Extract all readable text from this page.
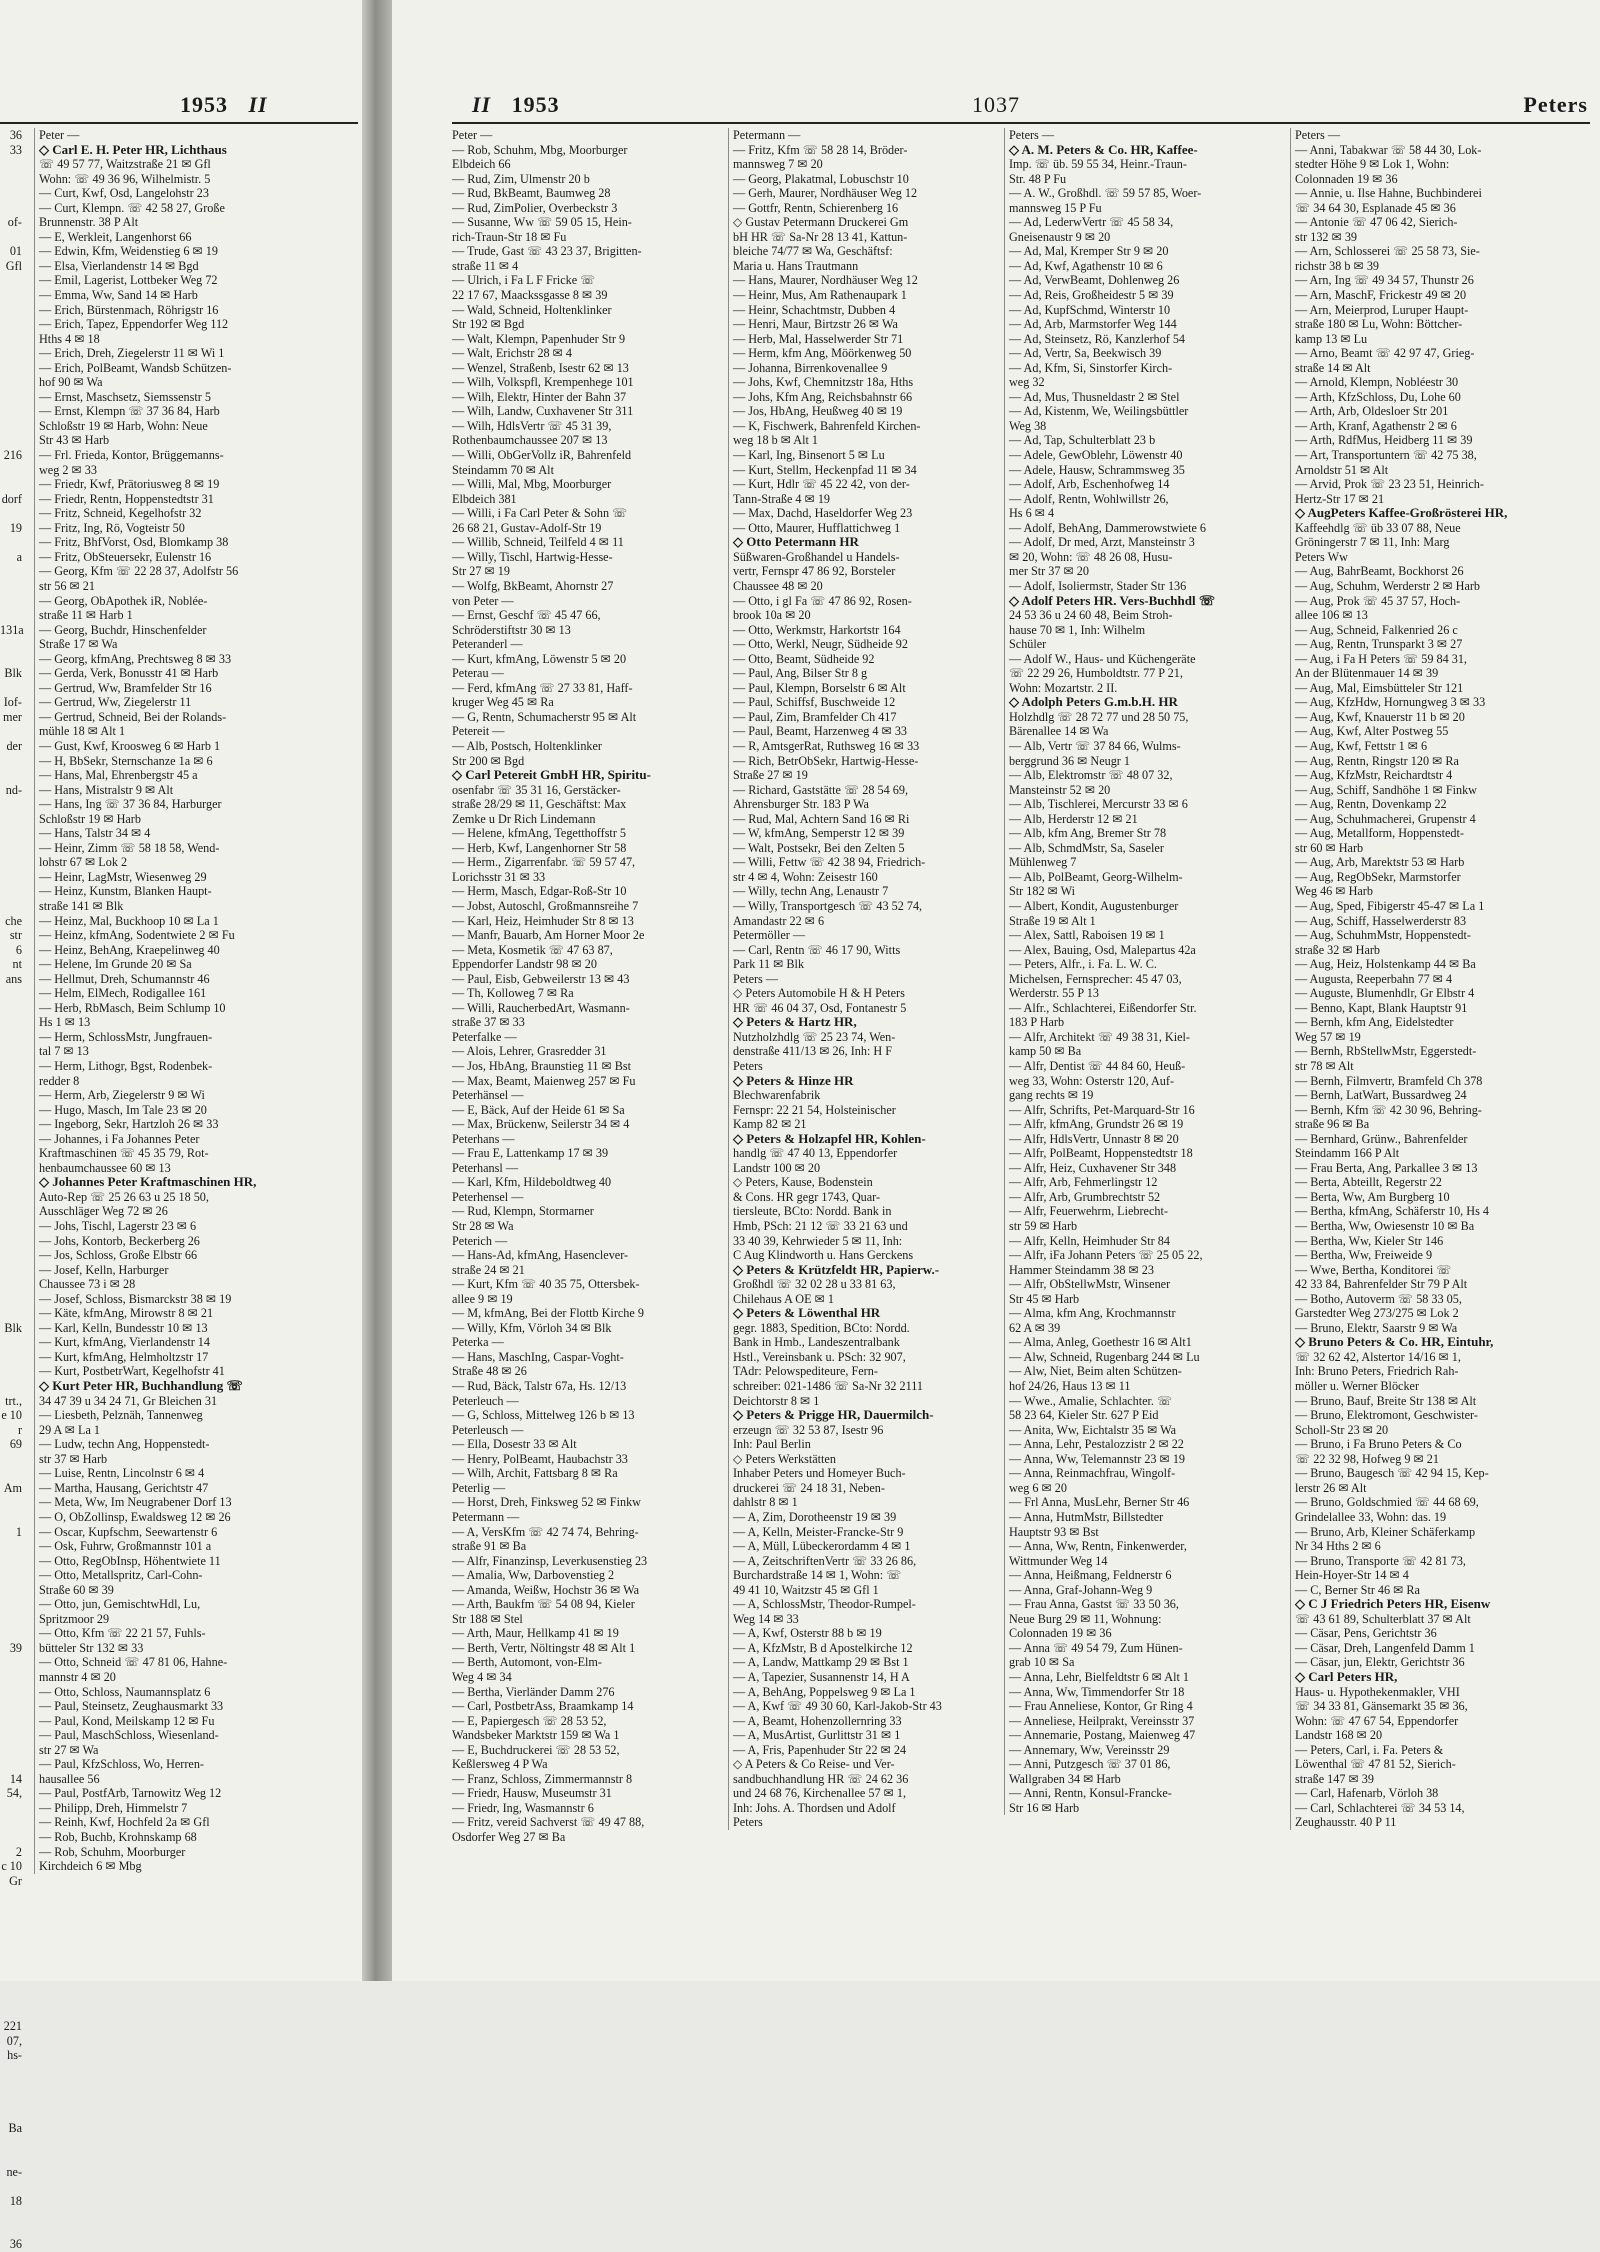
1953 II
36
33

of-

01
Gfl

216

dorf

19

a

131a

Blk

Iof-
mer

der

nd-

che
str
6
nt
ans

Blk

trt.,
e 10
r
69

Am

1

39

14
54,

2
c 10
Gr

221
07,
hs-

Ba

ne-

18

36
Peter —
◇ Carl E. H. Peter HR, Lichthaus
☏ 49 57 77, Waitzstraße 21 ✉ Gfl
Wohn: ☏ 49 36 96, Wilhelmistr. 5
— Curt, Kwf, Osd, Langelohstr 23
— Curt, Klempn. ☏ 42 58 27, Große
Brunnenstr. 38 P Alt
— E, Werkleit, Langenhorst 66
— Edwin, Kfm, Weidenstieg 6 ✉ 19
— Elsa, Vierlandenstr 14 ✉ Bgd
— Emil, Lagerist, Lottbeker Weg 72
— Emma, Ww, Sand 14 ✉ Harb
— Erich, Bürstenmach, Röhrigstr 16
— Erich, Tapez, Eppendorfer Weg 112
Hths 4 ✉ 18
— Erich, Dreh, Ziegelerstr 11 ✉ Wi 1
— Erich, PolBeamt, Wandsb Schützen-
hof 90 ✉ Wa
— Ernst, Maschsetz, Siemssenstr 5
— Ernst, Klempn ☏ 37 36 84, Harb
Schloßstr 19 ✉ Harb, Wohn: Neue
Str 43 ✉ Harb
— Frl. Frieda, Kontor, Brüggemanns-
weg 2 ✉ 33
— Friedr, Kwf, Prätoriusweg 8 ✉ 19
— Friedr, Rentn, Hoppenstedtstr 31
— Fritz, Schneid, Kegelhofstr 32
— Fritz, Ing, Rö, Vogteistr 50
— Fritz, BhfVorst, Osd, Blomkamp 38
— Fritz, ObSteuersekr, Eulenstr 16
— Georg, Kfm ☏ 22 28 37, Adolfstr 56
str 56 ✉ 21
— Georg, ObApothek iR, Noblée-
straße 11 ✉ Harb 1
— Georg, Buchdr, Hinschenfelder
Straße 17 ✉ Wa
— Georg, kfmAng, Prechtsweg 8 ✉ 33
— Gerda, Verk, Bonusstr 41 ✉ Harb
— Gertrud, Ww, Bramfelder Str 16
— Gertrud, Ww, Ziegelerstr 11
— Gertrud, Schneid, Bei der Rolands-
mühle 18 ✉ Alt 1
— Gust, Kwf, Kroosweg 6 ✉ Harb 1
— H, BbSekr, Sternschanze 1a ✉ 6
— Hans, Mal, Ehrenbergstr 45 a
— Hans, Mistralstr 9 ✉ Alt
— Hans, Ing ☏ 37 36 84, Harburger
Schloßstr 19 ✉ Harb
— Hans, Talstr 34 ✉ 4
— Heinr, Zimm ☏ 58 18 58, Wend-
lohstr 67 ✉ Lok 2
— Heinr, LagMstr, Wiesenweg 29
— Heinz, Kunstm, Blanken Haupt-
straße 141 ✉ Blk
— Heinz, Mal, Buckhoop 10 ✉ La 1
— Heinz, kfmAng, Sodentwiete 2 ✉ Fu
— Heinz, BehAng, Kraepelinweg 40
— Helene, Im Grunde 20 ✉ Sa
— Hellmut, Dreh, Schumannstr 46
— Helm, ElMech, Rodigallee 161
— Herb, RbMasch, Beim Schlump 10
Hs 1 ✉ 13
— Herm, SchlossMstr, Jungfrauen-
tal 7 ✉ 13
— Herm, Lithogr, Bgst, Rodenbek-
redder 8
— Herm, Arb, Ziegelerstr 9 ✉ Wi
— Hugo, Masch, Im Tale 23 ✉ 20
— Ingeborg, Sekr, Hartzloh 26 ✉ 33
— Johannes, i Fa Johannes Peter
Kraftmaschinen ☏ 45 35 79, Rot-
henbaumchaussee 60 ✉ 13
◇ Johannes Peter Kraftmaschinen HR,
Auto-Rep ☏ 25 26 63 u 25 18 50,
Ausschläger Weg 72 ✉ 26
— Johs, Tischl, Lagerstr 23 ✉ 6
— Johs, Kontorb, Beckerberg 26
— Jos, Schloss, Große Elbstr 66
— Josef, Kelln, Harburger
Chaussee 73 i ✉ 28
— Josef, Schloss, Bismarckstr 38 ✉ 19
— Käte, kfmAng, Mirowstr 8 ✉ 21
— Karl, Kelln, Bundesstr 10 ✉ 13
— Kurt, kfmAng, Vierlandenstr 14
— Kurt, kfmAng, Helmholtzstr 17
— Kurt, PostbetrWart, Kegelhofstr 41
◇ Kurt Peter HR, Buchhandlung ☏
34 47 39 u 34 24 71, Gr Bleichen 31
— Liesbeth, Pelznäh, Tannenweg
29 A ✉ La 1
— Ludw, techn Ang, Hoppenstedt-
str 37 ✉ Harb
— Luise, Rentn, Lincolnstr 6 ✉ 4
— Martha, Hausang, Gerichtstr 47
— Meta, Ww, Im Neugrabener Dorf 13
— O, ObZollinsp, Ewaldsweg 12 ✉ 26
— Oscar, Kupfschm, Seewartenstr 6
— Osk, Fuhrw, Großmannstr 101 a
— Otto, RegObInsp, Höhentwiete 11
— Otto, Metallspritz, Carl-Cohn-
Straße 60 ✉ 39
— Otto, jun, GemischtwHdl, Lu,
Spritzmoor 29
— Otto, Kfm ☏ 22 21 57, Fuhls-
bütteler Str 132 ✉ 33
— Otto, Schneid ☏ 47 81 06, Hahne-
mannstr 4 ✉ 20
— Otto, Schloss, Naumannsplatz 6
— Paul, Steinsetz, Zeughausmarkt 33
— Paul, Kond, Meilskamp 12 ✉ Fu
— Paul, MaschSchloss, Wiesenland-
str 27 ✉ Wa
— Paul, KfzSchloss, Wo, Herren-
hausallee 56
— Paul, PostfArb, Tarnowitz Weg 12
— Philipp, Dreh, Himmelstr 7
— Reinh, Kwf, Hochfeld 2a ✉ Gfl
— Rob, Buchb, Krohnskamp 68
— Rob, Schuhm, Moorburger
Kirchdeich 6 ✉ Mbg
II 1953	1037	Peters
Peter —
— Rob, Schuhm, Mbg, Moorburger
Elbdeich 66
— Rud, Zim, Ulmenstr 20 b
— Rud, BkBeamt, Baumweg 28
— Rud, ZimPolier, Overbeckstr 3
— Susanne, Ww ☏ 59 05 15, Hein-
rich-Traun-Str 18 ✉ Fu
— Trude, Gast ☏ 43 23 37, Brigitten-
straße 11 ✉ 4
— Ulrich, i Fa L F Fricke ☏
22 17 67, Maackssgasse 8 ✉ 39
— Wald, Schneid, Holtenklinker
Str 192 ✉ Bgd
— Walt, Klempn, Papenhuder Str 9
— Walt, Erichstr 28 ✉ 4
— Wenzel, Straßenb, Isestr 62 ✉ 13
— Wilh, Volkspfl, Krempenhege 101
— Wilh, Elektr, Hinter der Bahn 37
— Wilh, Landw, Cuxhavener Str 311
— Wilh, HdlsVertr ☏ 45 31 39,
Rothenbaumchaussee 207 ✉ 13
— Willi, ObGerVollz iR, Bahrenfeld
Steindamm 70 ✉ Alt
— Willi, Mal, Mbg, Moorburger
Elbdeich 381
— Willi, i Fa Carl Peter & Sohn ☏
26 68 21, Gustav-Adolf-Str 19
— Willib, Schneid, Teilfeld 4 ✉ 11
— Willy, Tischl, Hartwig-Hesse-
Str 27 ✉ 19
— Wolfg, BkBeamt, Ahornstr 27
von Peter —
— Ernst, Geschf ☏ 45 47 66,
Schröderstiftstr 30 ✉ 13
Peteranderl —
— Kurt, kfmAng, Löwenstr 5 ✉ 20
Peterau —
— Ferd, kfmAng ☏ 27 33 81, Haff-
kruger Weg 45 ✉ Ra
— G, Rentn, Schumacherstr 95 ✉ Alt
Petereit —
— Alb, Postsch, Holtenklinker
Str 200 ✉ Bgd
◇ Carl Petereit GmbH HR, Spiritu-
osenfabr ☏ 35 31 16, Gerstäcker-
straße 28/29 ✉ 11, Geschäftst: Max
Zemke u Dr Rich Lindemann
— Helene, kfmAng, Tegetthoffstr 5
— Herb, Kwf, Langenhorner Str 58
— Herm., Zigarrenfabr. ☏ 59 57 47,
Lorichsstr 31 ✉ 33
— Herm, Masch, Edgar-Roß-Str 10
— Jobst, Autoschl, Großmannsreihe 7
— Karl, Heiz, Heimhuder Str 8 ✉ 13
— Manfr, Bauarb, Am Horner Moor 2e
— Meta, Kosmetik ☏ 47 63 87,
Eppendorfer Landstr 98 ✉ 20
— Paul, Eisb, Gebweilerstr 13 ✉ 43
— Th, Kolloweg 7 ✉ Ra
— Willi, RaucherbedArt, Wasmann-
straße 37 ✉ 33
Peterfalke —
— Alois, Lehrer, Grasredder 31
— Jos, HbAng, Braunstieg 11 ✉ Bst
— Max, Beamt, Maienweg 257 ✉ Fu
Peterhänsel —
— E, Bäck, Auf der Heide 61 ✉ Sa
— Max, Brückenw, Seilerstr 34 ✉ 4
Peterhans —
— Frau E, Lattenkamp 17 ✉ 39
Peterhansl —
— Karl, Kfm, Hildeboldtweg 40
Peterhensel —
— Rud, Klempn, Stormarner
Str 28 ✉ Wa
Peterich —
— Hans-Ad, kfmAng, Hasenclever-
straße 24 ✉ 21
— Kurt, Kfm ☏ 40 35 75, Ottersbek-
allee 9 ✉ 19
— M, kfmAng, Bei der Flottb Kirche 9
— Willy, Kfm, Vörloh 34 ✉ Blk
Peterka —
— Hans, MaschIng, Caspar-Voght-
Straße 48 ✉ 26
— Rud, Bäck, Talstr 67a, Hs. 12/13
Peterleuch —
— G, Schloss, Mittelweg 126 b ✉ 13
Peterleusch —
— Ella, Dosestr 33 ✉ Alt
— Henry, PolBeamt, Haubachstr 33
— Wilh, Archit, Fattsbarg 8 ✉ Ra
Peterlig —
— Horst, Dreh, Finksweg 52 ✉ Finkw
Petermann —
— A, VersKfm ☏ 42 74 74, Behring-
straße 91 ✉ Ba
— Alfr, Finanzinsp, Leverkusenstieg 23
— Amalia, Ww, Darbovenstieg 2
— Amanda, Weißw, Hochstr 36 ✉ Wa
— Arth, Baukfm ☏ 54 08 94, Kieler
Str 188 ✉ Stel
— Arth, Maur, Hellkamp 41 ✉ 19
— Berth, Vertr, Nöltingstr 48 ✉ Alt 1
— Berth, Automont, von-Elm-
Weg 4 ✉ 34
— Bertha, Vierländer Damm 276
— Carl, PostbetrAss, Braamkamp 14
— E, Papiergesch ☏ 28 53 52,
Wandsbeker Marktstr 159 ✉ Wa 1
— E, Buchdruckerei ☏ 28 53 52,
Keßlersweg 4 P Wa
— Franz, Schloss, Zimmermannstr 8
— Friedr, Hausw, Museumstr 31
— Friedr, Ing, Wasmannstr 6
— Fritz, vereid Sachverst ☏ 49 47 88,
Osdorfer Weg 27 ✉ Ba
Petermann —
— Fritz, Kfm ☏ 58 28 14, Bröder-
mannsweg 7 ✉ 20
— Georg, Plakatmal, Lobuschstr 10
— Gerh, Maurer, Nordhäuser Weg 12
— Gottfr, Rentn, Schierenberg 16
◇ Gustav Petermann Druckerei Gm
bH HR ☏ Sa-Nr 28 13 41, Kattun-
bleiche 74/77 ✉ Wa, Geschäftsf:
Maria u. Hans Trautmann
— Hans, Maurer, Nordhäuser Weg 12
— Heinr, Mus, Am Rathenaupark 1
— Heinr, Schachtmstr, Dubben 4
— Henri, Maur, Birtzstr 26 ✉ Wa
— Herb, Mal, Hasselwerder Str 71
— Herm, kfm Ang, Möörkenweg 50
— Johanna, Birrenkovenallee 9
— Johs, Kwf, Chemnitzstr 18a, Hths
— Johs, Kfm Ang, Reichsbahnstr 66
— Jos, HbAng, Heußweg 40 ✉ 19
— K, Fischwerk, Bahrenfeld Kirchen-
weg 18 b ✉ Alt 1
— Karl, Ing, Binsenort 5 ✉ Lu
— Kurt, Stellm, Heckenpfad 11 ✉ 34
— Kurt, Hdlr ☏ 45 22 42, von der-
Tann-Straße 4 ✉ 19
— Max, Dachd, Haseldorfer Weg 23
— Otto, Maurer, Hufflattichweg 1
◇ Otto Petermann HR
Süßwaren-Großhandel u Handels-
vertr, Fernspr 47 86 92, Borsteler
Chaussee 48 ✉ 20
— Otto, i gl Fa ☏ 47 86 92, Rosen-
brook 10a ✉ 20
— Otto, Werkmstr, Harkortstr 164
— Otto, Werkl, Neugr, Südheide 92
— Otto, Beamt, Südheide 92
— Paul, Ang, Bilser Str 8 g
— Paul, Klempn, Borselstr 6 ✉ Alt
— Paul, Schiffsf, Buschweide 12
— Paul, Zim, Bramfelder Ch 417
— Paul, Beamt, Harzenweg 4 ✉ 33
— R, AmtsgerRat, Ruthsweg 16 ✉ 33
— Rich, BetrObSekr, Hartwig-Hesse-
Straße 27 ✉ 19
— Richard, Gaststätte ☏ 28 54 69,
Ahrensburger Str. 183 P Wa
— Rud, Mal, Achtern Sand 16 ✉ Ri
— W, kfmAng, Semperstr 12 ✉ 39
— Walt, Postsekr, Bei den Zelten 5
— Willi, Fettw ☏ 42 38 94, Friedrich-
str 4 ✉ 4, Wohn: Zeisestr 160
— Willy, techn Ang, Lenaustr 7
— Willy, Transportgesch ☏ 43 52 74,
Amandastr 22 ✉ 6
Petermöller —
— Carl, Rentn ☏ 46 17 90, Witts
Park 11 ✉ Blk
Peters —
◇ Peters Automobile H & H Peters
HR ☏ 46 04 37, Osd, Fontanestr 5
◇ Peters & Hartz HR,
Nutzholzhdlg ☏ 25 23 74, Wen-
denstraße 411/13 ✉ 26, Inh: H F
Peters
◇ Peters & Hinze HR
Blechwarenfabrik
Fernspr: 22 21 54, Holsteinischer
Kamp 82 ✉ 21
◇ Peters & Holzapfel HR, Kohlen-
handlg ☏ 47 40 13, Eppendorfer
Landstr 100 ✉ 20
◇ Peters, Kause, Bodenstein
& Cons. HR gegr 1743, Quar-
tiersleute, BCto: Nordd. Bank in
Hmb, PSch: 21 12 ☏ 33 21 63 und
33 40 39, Kehrwieder 5 ✉ 11, Inh:
C Aug Klindworth u. Hans Gerckens
◇ Peters & Krützfeldt HR, Papierw.-
Großhdl ☏ 32 02 28 u 33 81 63,
Chilehaus A OE ✉ 1
◇ Peters & Löwenthal HR
gegr. 1883, Spedition, BCto: Nordd.
Bank in Hmb., Landeszentralbank
Hstl., Vereinsbank u. PSch: 32 907,
TAdr: Pelowspediteure, Fern-
schreiber: 021-1486 ☏ Sa-Nr 32 2111
Deichtorstr 8 ✉ 1
◇ Peters & Prigge HR, Dauermilch-
erzeugn ☏ 32 53 87, Isestr 96
Inh: Paul Berlin
◇ Peters Werkstätten
Inhaber Peters und Homeyer Buch-
druckerei ☏ 24 18 31, Neben-
dahlstr 8 ✉ 1
— A, Zim, Dorotheenstr 19 ✉ 39
— A, Kelln, Meister-Francke-Str 9
— A, Müll, Lübeckerordamm 4 ✉ 1
— A, ZeitschriftenVertr ☏ 33 26 86,
Burchardstraße 14 ✉ 1, Wohn: ☏
49 41 10, Waitzstr 45 ✉ Gfl 1
— A, SchlossMstr, Theodor-Rumpel-
Weg 14 ✉ 33
— A, Kwf, Osterstr 88 b ✉ 19
— A, KfzMstr, B d Apostelkirche 12
— A, Landw, Mattkamp 29 ✉ Bst 1
— A, Tapezier, Susannenstr 14, H A
— A, BehAng, Poppelsweg 9 ✉ La 1
— A, Kwf ☏ 49 30 60, Karl-Jakob-Str 43
— A, Beamt, Hohenzollernring 33
— A, MusArtist, Gurlittstr 31 ✉ 1
— A, Fris, Papenhuder Str 22 ✉ 24
◇ A Peters & Co Reise- und Ver-
sandbuchhandlung HR ☏ 24 62 36
und 24 68 76, Kirchenallee 57 ✉ 1,
Inh: Johs. A. Thordsen und Adolf
Peters
Peters —
◇ A. M. Peters & Co. HR, Kaffee-
Imp. ☏ üb. 59 55 34, Heinr.-Traun-
Str. 48 P Fu
— A. W., Großhdl. ☏ 59 57 85, Woer-
mannsweg 15 P Fu
— Ad, LederwVertr ☏ 45 58 34,
Gneisenaustr 9 ✉ 20
— Ad, Mal, Kremper Str 9 ✉ 20
— Ad, Kwf, Agathenstr 10 ✉ 6
— Ad, VerwBeamt, Dohlenweg 26
— Ad, Reis, Großheidestr 5 ✉ 39
— Ad, KupfSchmd, Winterstr 10
— Ad, Arb, Marmstorfer Weg 144
— Ad, Steinsetz, Rö, Kanzlerhof 54
— Ad, Vertr, Sa, Beekwisch 39
— Ad, Kfm, Si, Sinstorfer Kirch-
weg 32
— Ad, Mus, Thusneldastr 2 ✉ Stel
— Ad, Kistenm, We, Weilingsbüttler
Weg 38
— Ad, Tap, Schulterblatt 23 b
— Adele, GewOblehr, Löwenstr 40
— Adele, Hausw, Schrammsweg 35
— Adolf, Arb, Eschenhofweg 14
— Adolf, Rentn, Wohlwillstr 26,
Hs 6 ✉ 4
— Adolf, BehAng, Dammerowstwiete 6
— Adolf, Dr med, Arzt, Mansteinstr 3
✉ 20, Wohn: ☏ 48 26 08, Husu-
mer Str 37 ✉ 20
— Adolf, Isoliermstr, Stader Str 136
◇ Adolf Peters HR. Vers-Buchhdl ☏
24 53 36 u 24 60 48, Beim Stroh-
hause 70 ✉ 1, Inh: Wilhelm
Schüler
— Adolf W., Haus- und Küchengeräte
☏ 22 29 26, Humboldtstr. 77 P 21,
Wohn: Mozartstr. 2 II.
◇ Adolph Peters G.m.b.H. HR
Holzhdlg ☏ 28 72 77 und 28 50 75,
Bärenallee 14 ✉ Wa
— Alb, Vertr ☏ 37 84 66, Wulms-
berggrund 36 ✉ Neugr 1
— Alb, Elektromstr ☏ 48 07 32,
Mansteinstr 52 ✉ 20
— Alb, Tischlerei, Mercurstr 33 ✉ 6
— Alb, Herderstr 12 ✉ 21
— Alb, kfm Ang, Bremer Str 78
— Alb, SchmdMstr, Sa, Saseler
Mühlenweg 7
— Alb, PolBeamt, Georg-Wilhelm-
Str 182 ✉ Wi
— Albert, Kondit, Augustenburger
Straße 19 ✉ Alt 1
— Alex, Sattl, Raboisen 19 ✉ 1
— Alex, Bauing, Osd, Malepartus 42a
— Peters, Alfr., i. Fa. L. W. C.
Michelsen, Fernsprecher: 45 47 03,
Werderstr. 55 P 13
— Alfr., Schlachterei, Eißendorfer Str.
183 P Harb
— Alfr, Architekt ☏ 49 38 31, Kiel-
kamp 50 ✉ Ba
— Alfr, Dentist ☏ 44 84 60, Heuß-
weg 33, Wohn: Osterstr 120, Auf-
gang rechts ✉ 19
— Alfr, Schrifts, Pet-Marquard-Str 16
— Alfr, kfmAng, Grundstr 26 ✉ 19
— Alfr, HdlsVertr, Unnastr 8 ✉ 20
— Alfr, PolBeamt, Hoppenstedtstr 18
— Alfr, Heiz, Cuxhavener Str 348
— Alfr, Arb, Fehmerlingstr 12
— Alfr, Arb, Grumbrechtstr 52
— Alfr, Feuerwehrm, Liebrecht-
str 59 ✉ Harb
— Alfr, Kelln, Heimhuder Str 84
— Alfr, iFa Johann Peters ☏ 25 05 22,
Hammer Steindamm 38 ✉ 23
— Alfr, ObStellwMstr, Winsener
Str 45 ✉ Harb
— Alma, kfm Ang, Krochmannstr
62 A ✉ 39
— Alma, Anleg, Goethestr 16 ✉ Alt1
— Alw, Schneid, Rugenbarg 244 ✉ Lu
— Alw, Niet, Beim alten Schützen-
hof 24/26, Haus 13 ✉ 11
— Wwe., Amalie, Schlachter. ☏
58 23 64, Kieler Str. 627 P Eid
— Anita, Ww, Eichtalstr 35 ✉ Wa
— Anna, Lehr, Pestalozzistr 2 ✉ 22
— Anna, Ww, Telemannstr 23 ✉ 19
— Anna, Reinmachfrau, Wingolf-
weg 6 ✉ 20
— Frl Anna, MusLehr, Berner Str 46
— Anna, HutmMstr, Billstedter
Hauptstr 93 ✉ Bst
— Anna, Ww, Rentn, Finkenwerder,
Wittmunder Weg 14
— Anna, Heißmang, Feldnerstr 6
— Anna, Graf-Johann-Weg 9
— Frau Anna, Gastst ☏ 33 50 36,
Neue Burg 29 ✉ 11, Wohnung:
Colonnaden 19 ✉ 36
— Anna ☏ 49 54 79, Zum Hünen-
grab 10 ✉ Sa
— Anna, Lehr, Bielfeldtstr 6 ✉ Alt 1
— Anna, Ww, Timmendorfer Str 18
— Frau Anneliese, Kontor, Gr Ring 4
— Anneliese, Heilprakt, Vereinsstr 37
— Annemarie, Postang, Maienweg 47
— Annemary, Ww, Vereinsstr 29
— Anni, Putzgesch ☏ 37 01 86,
Wallgraben 34 ✉ Harb
— Anni, Rentn, Konsul-Francke-
Str 16 ✉ Harb
Peters —
— Anni, Tabakwar ☏ 58 44 30, Lok-
stedter Höhe 9 ✉ Lok 1, Wohn:
Colonnaden 19 ✉ 36
— Annie, u. Ilse Hahne, Buchbinderei
☏ 34 64 30, Esplanade 45 ✉ 36
— Antonie ☏ 47 06 42, Sierich-
str 132 ✉ 39
— Arn, Schlosserei ☏ 25 58 73, Sie-
richstr 38 b ✉ 39
— Arn, Ing ☏ 49 34 57, Thunstr 26
— Arn, MaschF, Frickestr 49 ✉ 20
— Arn, Meierprod, Luruper Haupt-
straße 180 ✉ Lu, Wohn: Böttcher-
kamp 13 ✉ Lu
— Arno, Beamt ☏ 42 97 47, Grieg-
straße 14 ✉ Alt
— Arnold, Klempn, Nobléestr 30
— Arth, KfzSchloss, Du, Lohe 60
— Arth, Arb, Oldesloer Str 201
— Arth, Kranf, Agathenstr 2 ✉ 6
— Arth, RdfMus, Heidberg 11 ✉ 39
— Art, Transportuntern ☏ 42 75 38,
Arnoldstr 51 ✉ Alt
— Arvid, Prok ☏ 23 23 51, Heinrich-
Hertz-Str 17 ✉ 21
◇ AugPeters Kaffee-Großrösterei HR,
Kaffeehdlg ☏ üb 33 07 88, Neue
Gröningerstr 7 ✉ 11, Inh: Marg
Peters Ww
— Aug, BahrBeamt, Bockhorst 26
— Aug, Schuhm, Werderstr 2 ✉ Harb
— Aug, Prok ☏ 45 37 57, Hoch-
allee 106 ✉ 13
— Aug, Schneid, Falkenried 26 c
— Aug, Rentn, Trunsparkt 3 ✉ 27
— Aug, i Fa H Peters ☏ 59 84 31,
An der Blütenmauer 14 ✉ 39
— Aug, Mal, Eimsbütteler Str 121
— Aug, KfzHdw, Hornungweg 3 ✉ 33
— Aug, Kwf, Knauerstr 11 b ✉ 20
— Aug, Kwf, Alter Postweg 55
— Aug, Kwf, Fettstr 1 ✉ 6
— Aug, Rentn, Ringstr 120 ✉ Ra
— Aug, KfzMstr, Reichardtstr 4
— Aug, Schiff, Sandhöhe 1 ✉ Finkw
— Aug, Rentn, Dovenkamp 22
— Aug, Schuhmacherei, Grupenstr 4
— Aug, Metallform, Hoppenstedt-
str 60 ✉ Harb
— Aug, Arb, Marektstr 53 ✉ Harb
— Aug, RegObSekr, Marmstorfer
Weg 46 ✉ Harb
— Aug, Sped, Fibigerstr 45-47 ✉ La 1
— Aug, Schiff, Hasselwerderstr 83
— Aug, SchuhmMstr, Hoppenstedt-
straße 32 ✉ Harb
— Aug, Heiz, Holstenkamp 44 ✉ Ba
— Augusta, Reeperbahn 77 ✉ 4
— Auguste, Blumenhdlr, Gr Elbstr 4
— Benno, Kapt, Blank Hauptstr 91
— Bernh, kfm Ang, Eidelstedter
Weg 57 ✉ 19
— Bernh, RbStellwMstr, Eggerstedt-
str 78 ✉ Alt
— Bernh, Filmvertr, Bramfeld Ch 378
— Bernh, LatWart, Bussardweg 24
— Bernh, Kfm ☏ 42 30 96, Behring-
straße 96 ✉ Ba
— Bernhard, Grünw., Bahrenfelder
Steindamm 166 P Alt
— Frau Berta, Ang, Parkallee 3 ✉ 13
— Berta, Abteillt, Regerstr 22
— Berta, Ww, Am Burgberg 10
— Bertha, kfmAng, Schäferstr 10, Hs 4
— Bertha, Ww, Owiesenstr 10 ✉ Ba
— Bertha, Ww, Kieler Str 146
— Bertha, Ww, Freiweide 9
— Wwe, Bertha, Konditorei ☏
42 33 84, Bahrenfelder Str 79 P Alt
— Botho, Autoverm ☏ 58 33 05,
Garstedter Weg 273/275 ✉ Lok 2
— Bruno, Elektr, Saarstr 9 ✉ Wa
◇ Bruno Peters & Co. HR, Eintuhr,
☏ 32 62 42, Alstertor 14/16 ✉ 1,
Inh: Bruno Peters, Friedrich Rah-
möller u. Werner Blöcker
— Bruno, Bauf, Breite Str 138 ✉ Alt
— Bruno, Elektromont, Geschwister-
Scholl-Str 23 ✉ 20
— Bruno, i Fa Bruno Peters & Co
☏ 22 32 98, Hofweg 9 ✉ 21
— Bruno, Baugesch ☏ 42 94 15, Kep-
lerstr 26 ✉ Alt
— Bruno, Goldschmied ☏ 44 68 69,
Grindelallee 33, Wohn: das. 19
— Bruno, Arb, Kleiner Schäferkamp
Nr 34 Hths 2 ✉ 6
— Bruno, Transporte ☏ 42 81 73,
Hein-Hoyer-Str 14 ✉ 4
— C, Berner Str 46 ✉ Ra
◇ C J Friedrich Peters HR, Eisenw
☏ 43 61 89, Schulterblatt 37 ✉ Alt
— Cäsar, Pens, Gerichtstr 36
— Cäsar, Dreh, Langenfeld Damm 1
— Cäsar, jun, Elektr, Gerichtstr 36
◇ Carl Peters HR,
Haus- u. Hypothekenmakler, VHI
☏ 34 33 81, Gänsemarkt 35 ✉ 36,
Wohn: ☏ 47 67 54, Eppendorfer
Landstr 168 ✉ 20
— Peters, Carl, i. Fa. Peters &
Löwenthal ☏ 47 81 52, Sierich-
straße 147 ✉ 39
— Carl, Hafenarb, Vörloh 38
— Carl, Schlachterei ☏ 34 53 14,
Zeughausstr. 40 P 11
